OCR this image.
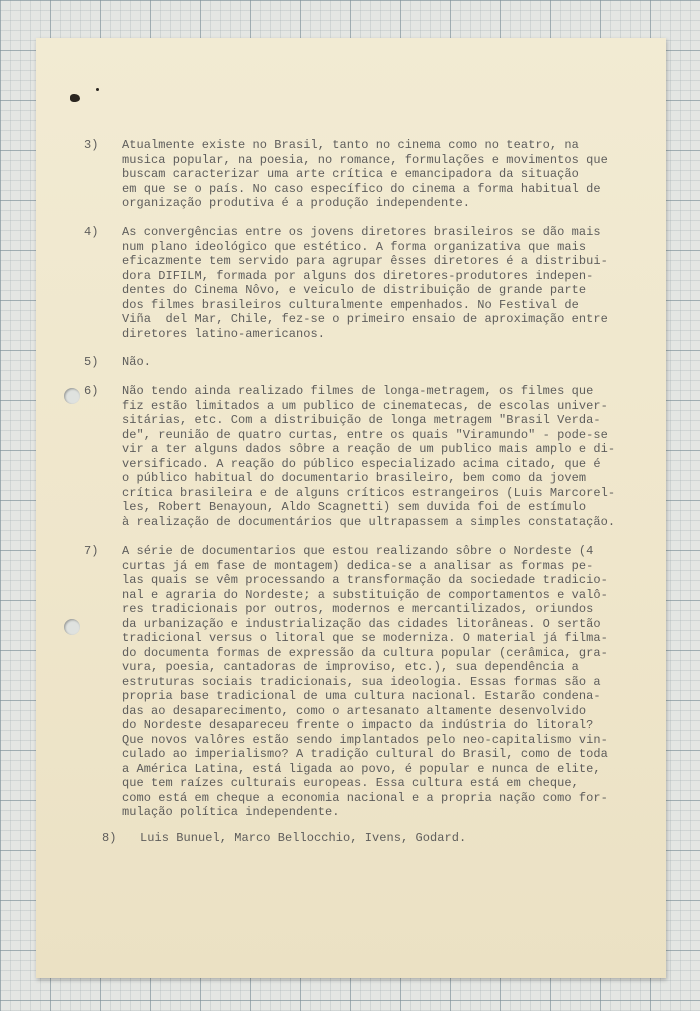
3)

	Atualmente existe no Brasil, tanto no cinema como no teatro, na
musica popular, na poesia, no romance, formulações e movimentos que
buscam caracterizar uma arte crítica e emancipadora da situação
em que se o país. No caso específico do cinema a forma habitual de
organização produtiva é a produção independente.

4)

	As convergências entre os jovens diretores brasileiros se dão mais
num plano ideológico que estético. A forma organizativa que mais
eficazmente tem servido para agrupar êsses diretores é a distribui-
dora DIFILM, formada por alguns dos diretores-produtores indepen-
dentes do Cinema Nôvo, e veiculo de distribuição de grande parte
dos filmes brasileiros culturalmente empenhados. No Festival de
Viña  del Mar, Chile, fez-se o primeiro ensaio de aproximação entre
diretores latino-americanos.

5)

	Não.

6)

	Não tendo ainda realizado filmes de longa-metragem, os filmes que
fiz estão limitados a um publico de cinematecas, de escolas univer-
sitárias, etc. Com a distribuição de longa metragem "Brasil Verda-
de", reunião de quatro curtas, entre os quais "Viramundo" - pode-se
vir a ter alguns dados sôbre a reação de um publico mais amplo e di-
versificado. A reação do público especializado acima citado, que é
o público habitual do documentario brasileiro, bem como da jovem
crítica brasileira e de alguns críticos estrangeiros (Luis Marcorel-
les, Robert Benayoun, Aldo Scagnetti) sem duvida foi de estímulo
à realização de documentários que ultrapassem a simples constatação.

7)

	A série de documentarios que estou realizando sôbre o Nordeste (4
curtas já em fase de montagem) dedica-se a analisar as formas pe-
las quais se vêm processando a transformação da sociedade tradicio-
nal e agraria do Nordeste; a substituição de comportamentos e valô-
res tradicionais por outros, modernos e mercantilizados, oriundos
da urbanização e industrialização das cidades litorâneas. O sertão
tradicional versus o litoral que se moderniza. O material já filma-
do documenta formas de expressão da cultura popular (cerâmica, gra-
vura, poesia, cantadoras de improviso, etc.), sua dependência a
estruturas sociais tradicionais, sua ideologia. Essas formas são a
propria base tradicional de uma cultura nacional. Estarão condena-
das ao desaparecimento, como o artesanato altamente desenvolvido
do Nordeste desapareceu frente o impacto da indústria do litoral?
Que novos valôres estão sendo implantados pelo neo-capitalismo vin-
culado ao imperialismo? A tradição cultural do Brasil, como de toda
a América Latina, está ligada ao povo, é popular e nunca de elite,
que tem raízes culturais europeas. Essa cultura está em cheque,
como está em cheque a economia nacional e a propria nação como for-
mulação política independente.

8)

	Luis Bunuel, Marco Bellocchio, Ivens, Godard.
